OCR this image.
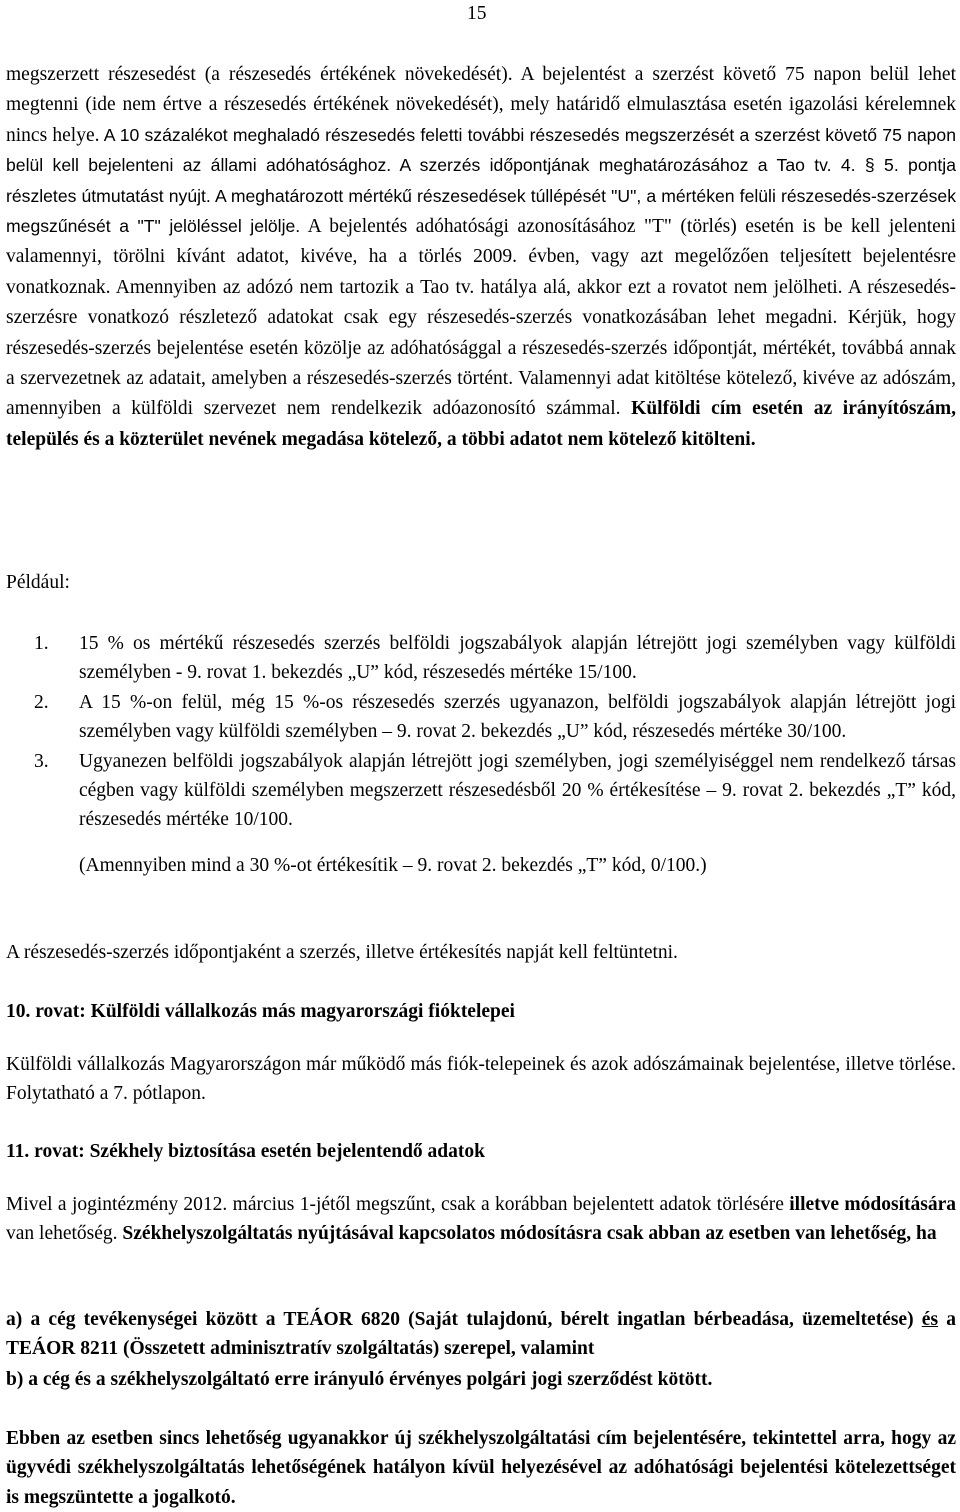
15
megszerzett részesedést (a részesedés értékének növekedését). A bejelentést a szerzést követő 75 napon belül lehet megtenni (ide nem értve a részesedés értékének növekedését), mely határidő elmulasztása esetén igazolási kérelemnek nincs helye. A 10 százalékot meghaladó részesedés feletti további részesedés megszerzését a szerzést követő 75 napon belül kell bejelenteni az állami adóhatósághoz. A szerzés időpontjának meghatározásához a Tao tv. 4. § 5. pontja részletes útmutatást nyújt. A meghatározott mértékű részesedések túllépését "U", a mértéken felüli részesedés-szerzések megszűnését a "T" jelöléssel jelölje. A bejelentés adóhatósági azonosításához "T" (törlés) esetén is be kell jelenteni valamennyi, törölni kívánt adatot, kivéve, ha a törlés 2009. évben, vagy azt megelőzően teljesített bejelentésre vonatkoznak. Amennyiben az adózó nem tartozik a Tao tv. hatálya alá, akkor ezt a rovatot nem jelölheti. A részesedés-szerzésre vonatkozó részletező adatokat csak egy részesedés-szerzés vonatkozásában lehet megadni. Kérjük, hogy részesedés-szerzés bejelentése esetén közölje az adóhatósággal a részesedés-szerzés időpontját, mértékét, továbbá annak a szervezetnek az adatait, amelyben a részesedés-szerzés történt. Valamennyi adat kitöltése kötelező, kivéve az adószám, amennyiben a külföldi szervezet nem rendelkezik adóazonosító számmal. Külföldi cím esetén az irányítószám, település és a közterület nevének megadása kötelező, a többi adatot nem kötelező kitölteni.
Például:
1. 15 % os mértékű részesedés szerzés belföldi jogszabályok alapján létrejött jogi személyben vagy külföldi személyben - 9. rovat 1. bekezdés „U” kód, részesedés mértéke 15/100.
2. A 15 %-on felül, még 15 %-os részesedés szerzés ugyanazon, belföldi jogszabályok alapján létrejött jogi személyben vagy külföldi személyben – 9. rovat 2. bekezdés „U” kód, részesedés mértéke 30/100.
3. Ugyanezen belföldi jogszabályok alapján létrejött jogi személyben, jogi személyiséggel nem rendelkező társas cégben vagy külföldi személyben megszerzett részesedésből 20 % értékesítése – 9. rovat 2. bekezdés „T” kód, részesedés mértéke 10/100.
(Amennyiben mind a 30 %-ot értékesítik – 9. rovat 2. bekezdés „T” kód, 0/100.)
A részesedés-szerzés időpontjaként a szerzés, illetve értékesítés napját kell feltüntetni.
10. rovat: Külföldi vállalkozás más magyarországi fióktelepei
Külföldi vállalkozás Magyarországon már működő más fiók-telepeinek és azok adószámainak bejelentése, illetve törlése. Folytatható a 7. pótlapon.
11. rovat: Székhely biztosítása esetén bejelentendő adatok
Mivel a jogintézmény 2012. március 1-jétől megszűnt, csak a korábban bejelentett adatok törlésére illetve módosítására van lehetőség. Székhelyszolgáltatás nyújtásával kapcsolatos módosításra csak abban az esetben van lehetőség, ha
a) a cég tevékenységei között a TEÁOR 6820 (Saját tulajdonú, bérelt ingatlan bérbeadása, üzemeltetése) és a TEÁOR 8211 (Összetett adminisztratív szolgáltatás) szerepel, valamint
b) a cég és a székhelyszolgáltató erre irányuló érvényes polgári jogi szerződést kötött.
Ebben az esetben sincs lehetőség ugyanakkor új székhelyszolgáltatási cím bejelentésére, tekintettel arra, hogy az ügyvédi székhelyszolgáltatás lehetőségének hatályon kívül helyezésével az adóhatósági bejelentési kötelezettséget is megszüntette a jogalkotó.
